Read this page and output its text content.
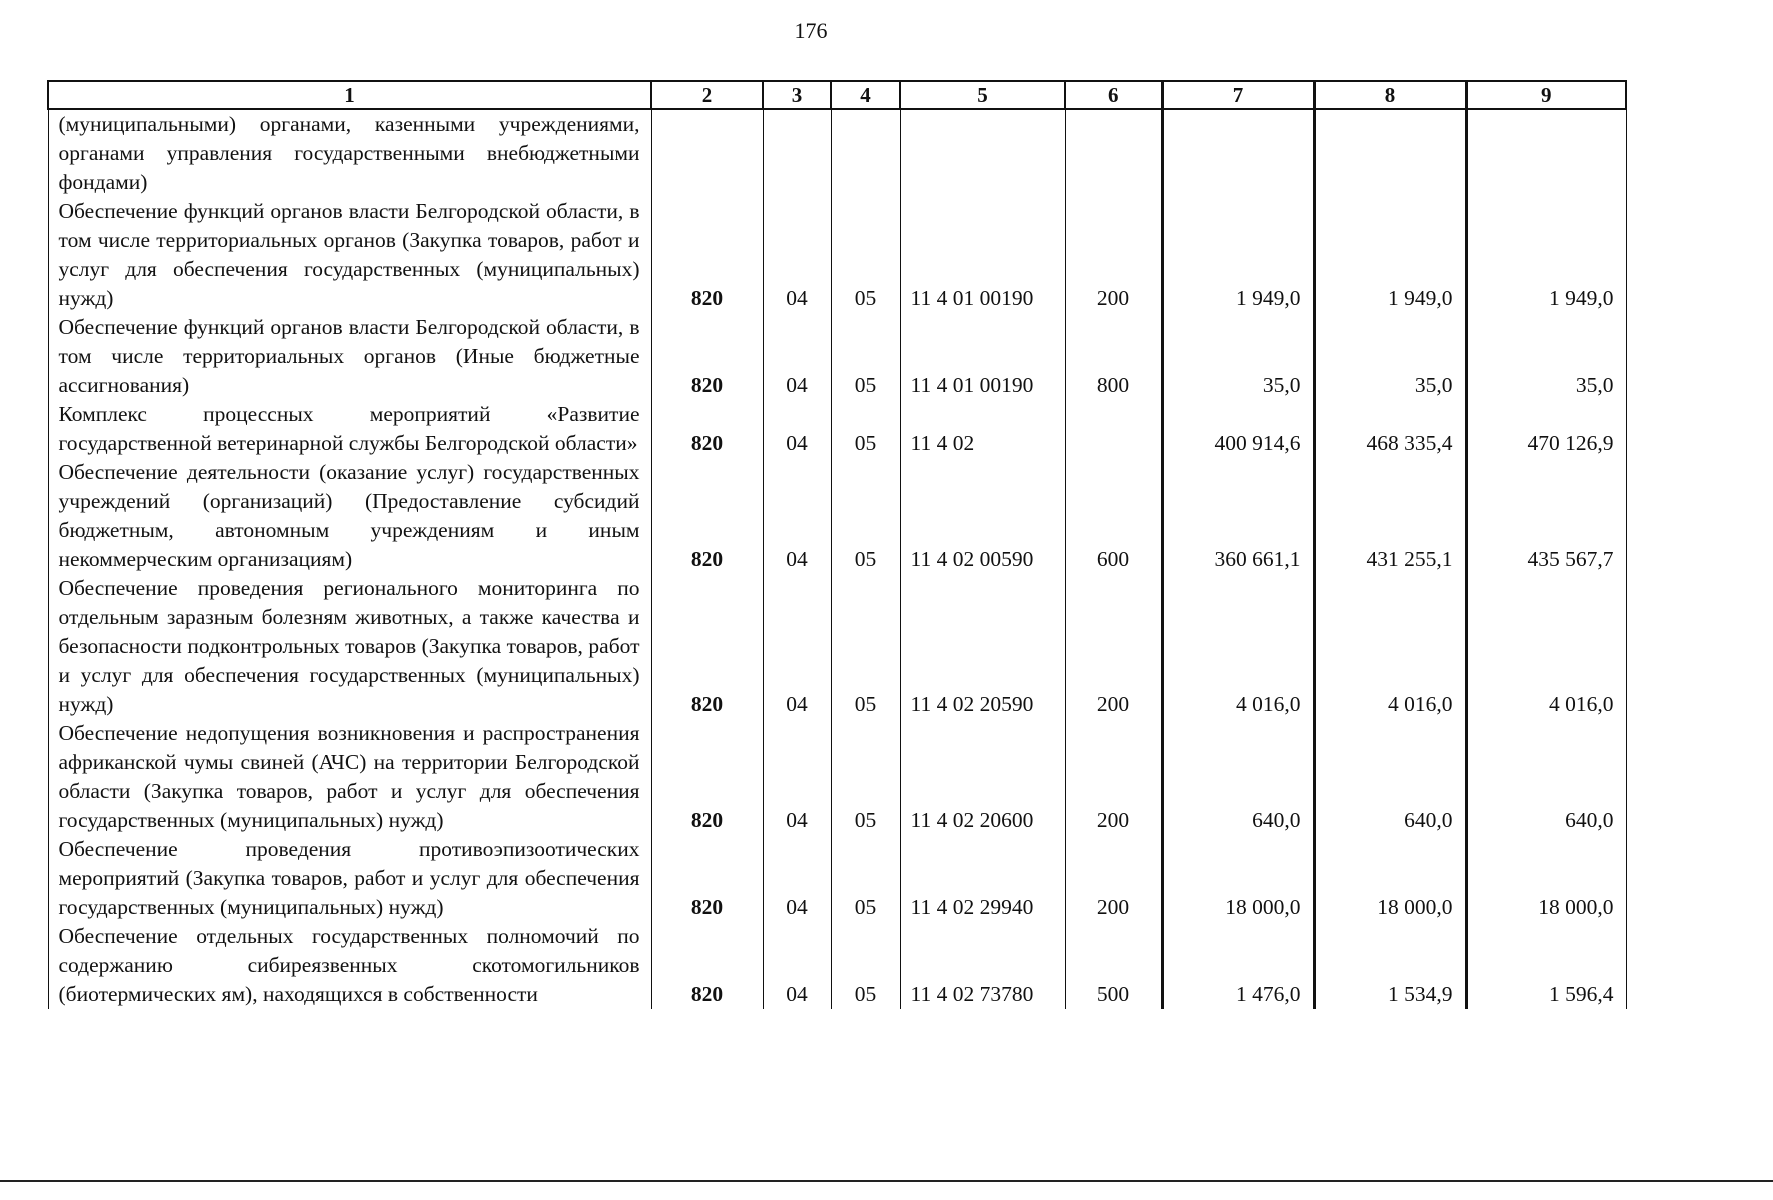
176
1	2	3	4	5	6	7	8	9
(муниципальными) органами, казенными учреждениями, органами управления государственными внебюджетными фондами)								
Обеспечение функций органов власти Белгородской области, в том числе территориальных органов (Закупка товаров, работ и услуг для обеспечения государственных (муниципальных) нужд)	820	04	05	11 4 01 00190	200	1 949,0	1 949,0	1 949,0
Обеспечение функций органов власти Белгородской области, в том числе территориальных органов (Иные бюджетные ассигнования)	820	04	05	11 4 01 00190	800	35,0	35,0	35,0
Комплекс процессных мероприятий «Развитие государственной ветеринарной службы Белгородской области»	820	04	05	11 4 02		400 914,6	468 335,4	470 126,9
Обеспечение деятельности (оказание услуг) государственных учреждений (организаций) (Предоставление субсидий бюджетным, автономным учреждениям и иным некоммерческим организациям)	820	04	05	11 4 02 00590	600	360 661,1	431 255,1	435 567,7
Обеспечение проведения регионального мониторинга по отдельным заразным болезням животных, а также качества и безопасности подконтрольных товаров (Закупка товаров, работ и услуг для обеспечения государственных (муниципальных) нужд)	820	04	05	11 4 02 20590	200	4 016,0	4 016,0	4 016,0
Обеспечение недопущения возникновения и распространения африканской чумы свиней (АЧС) на территории Белгородской области (Закупка товаров, работ и услуг для обеспечения государственных (муниципальных) нужд)	820	04	05	11 4 02 20600	200	640,0	640,0	640,0
Обеспечение проведения противоэпизоотических мероприятий (Закупка товаров, работ и услуг для обеспечения государственных (муниципальных) нужд)	820	04	05	11 4 02 29940	200	18 000,0	18 000,0	18 000,0
Обеспечение отдельных государственных полномочий по содержанию сибиреязвенных скотомогильников (биотермических ям), находящихся в собственности	820	04	05	11 4 02 73780	500	1 476,0	1 534,9	1 596,4
